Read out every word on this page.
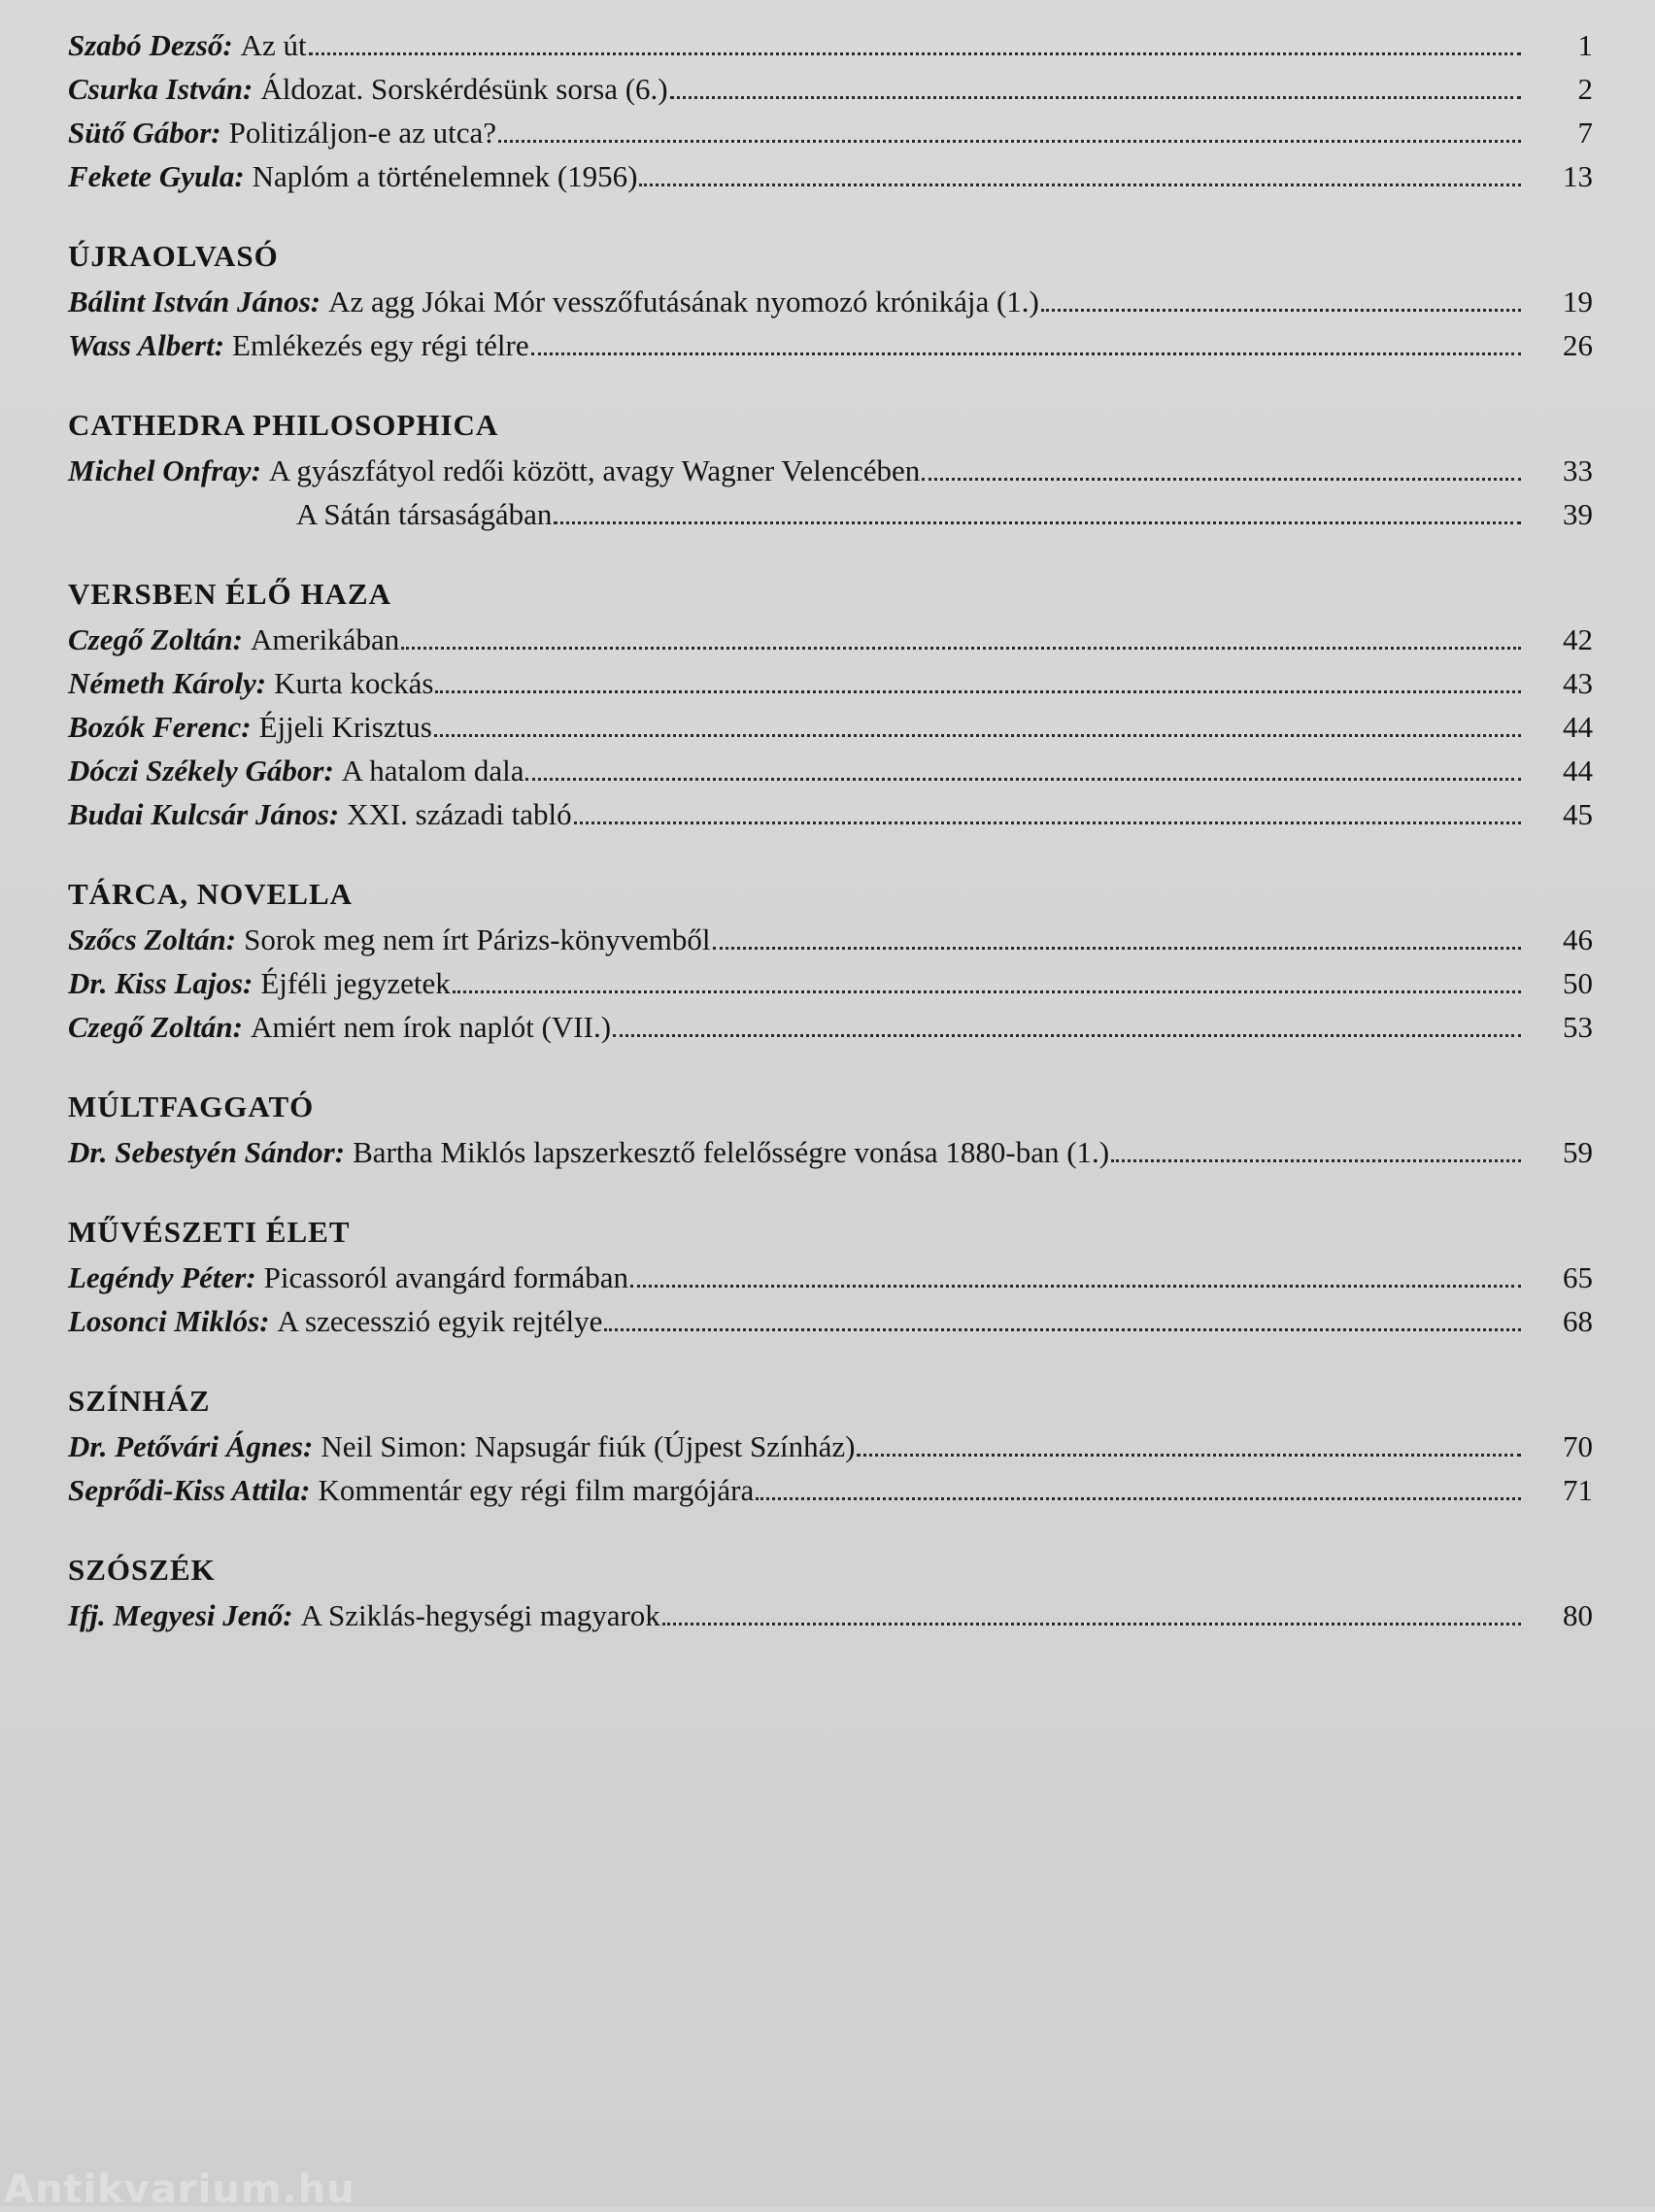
Szabó Dezső: Az út	1
Csurka István: Áldozat. Sorskérdésünk sorsa (6.)	2
Sütő Gábor: Politizáljon-e az utca?	7
Fekete Gyula: Naplóm a történelemnek (1956)	13
ÚJRAOLVASÓ
Bálint István János: Az agg Jókai Mór vesszőfutásának nyomozó krónikája (1.)	19
Wass Albert: Emlékezés egy régi télre	26
CATHEDRA PHILOSOPHICA
Michel Onfray: A gyászfátyol redői között, avagy Wagner Velencében	33
A Sátán társaságában	39
VERSBEN ÉLŐ HAZA
Czegő Zoltán: Amerikában	42
Németh Károly: Kurta kockás	43
Bozók Ferenc: Éjjeli Krisztus	44
Dóczi Székely Gábor: A hatalom dala	44
Budai Kulcsár János: XXI. századi tabló	45
TÁRCA, NOVELLA
Szőcs Zoltán: Sorok meg nem írt Párizs-könyvemből	46
Dr. Kiss Lajos: Éjféli jegyzetek	50
Czegő Zoltán: Amiért nem írok naplót (VII.)	53
MÚLTFAGGATÓ
Dr. Sebestyén Sándor: Bartha Miklós lapszerkesztő felelősségre vonása 1880-ban (1.)	59
MŰVÉSZETI ÉLET
Legéndy Péter: Picassoról avangárd formában	65
Losonci Miklós: A szecesszió egyik rejtélye	68
SZÍNHÁZ
Dr. Petővári Ágnes: Neil Simon: Napsugár fiúk (Újpest Színház)	70
Seprődi-Kiss Attila: Kommentár egy régi film margójára	71
SZÓSZÉK
Ifj. Megyesi Jenő: A Sziklás-hegységi magyarok	80
Antikvarium.hu
